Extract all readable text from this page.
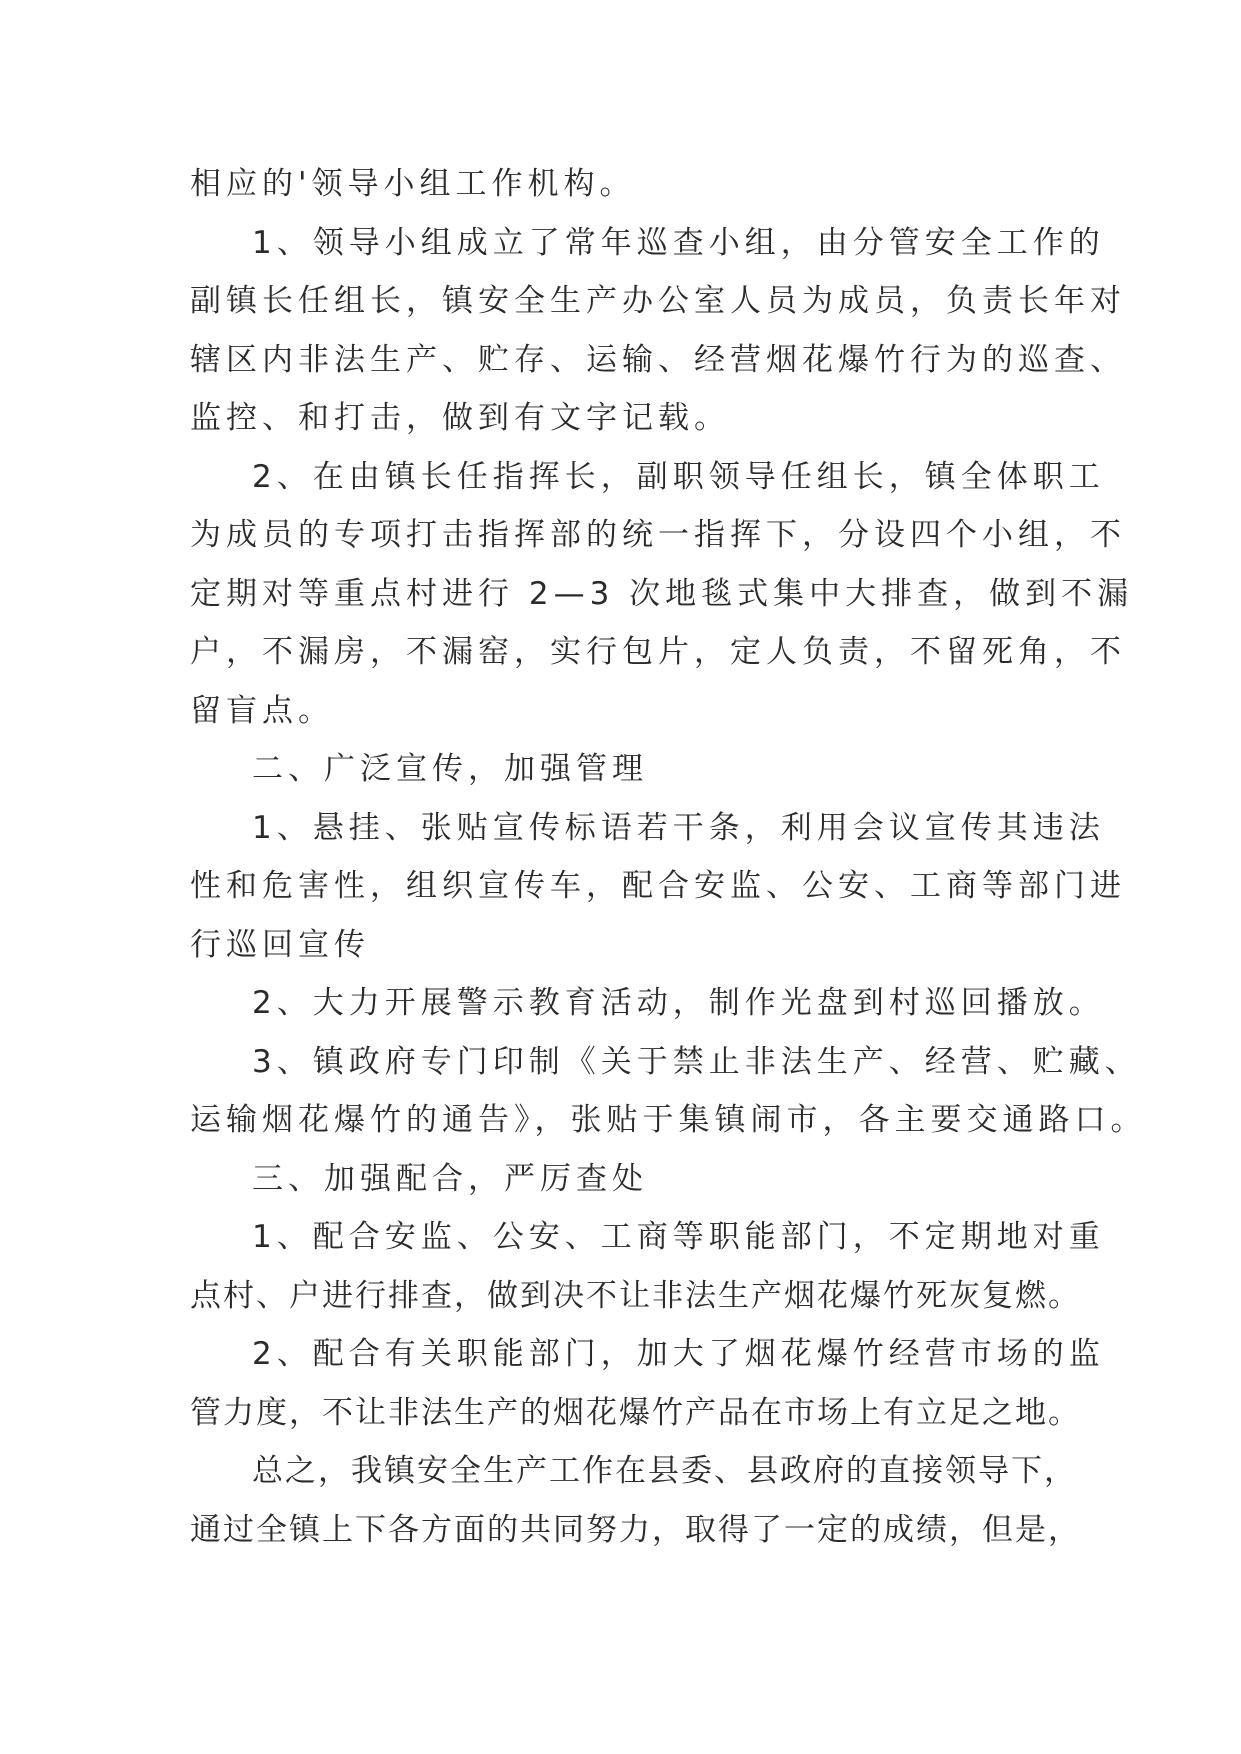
相应的'领导小组工作机构。
1、领导小组成立了常年巡查小组，由分管安全工作的
副镇长任组长，镇安全生产办公室人员为成员，负责长年对
辖区内非法生产、贮存、运输、经营烟花爆竹行为的巡查、
监控、和打击，做到有文字记载。
2、在由镇长任指挥长，副职领导任组长，镇全体职工
为成员的专项打击指挥部的统一指挥下，分设四个小组，不
定期对等重点村进行 2—3 次地毯式集中大排查，做到不漏
户，不漏房，不漏窑，实行包片，定人负责，不留死角，不
留盲点。
二、广泛宣传，加强管理
1、悬挂、张贴宣传标语若干条，利用会议宣传其违法
性和危害性，组织宣传车，配合安监、公安、工商等部门进
行巡回宣传
2、大力开展警示教育活动，制作光盘到村巡回播放。
3、镇政府专门印制《关于禁止非法生产、经营、贮藏、
运输烟花爆竹的通告》，张贴于集镇闹市，各主要交通路口。
三、加强配合，严厉查处
1、配合安监、公安、工商等职能部门，不定期地对重
点村、户进行排查，做到决不让非法生产烟花爆竹死灰复燃。
2、配合有关职能部门，加大了烟花爆竹经营市场的监
管力度，不让非法生产的烟花爆竹产品在市场上有立足之地。
总之，我镇安全生产工作在县委、县政府的直接领导下，
通过全镇上下各方面的共同努力，取得了一定的成绩，但是，
